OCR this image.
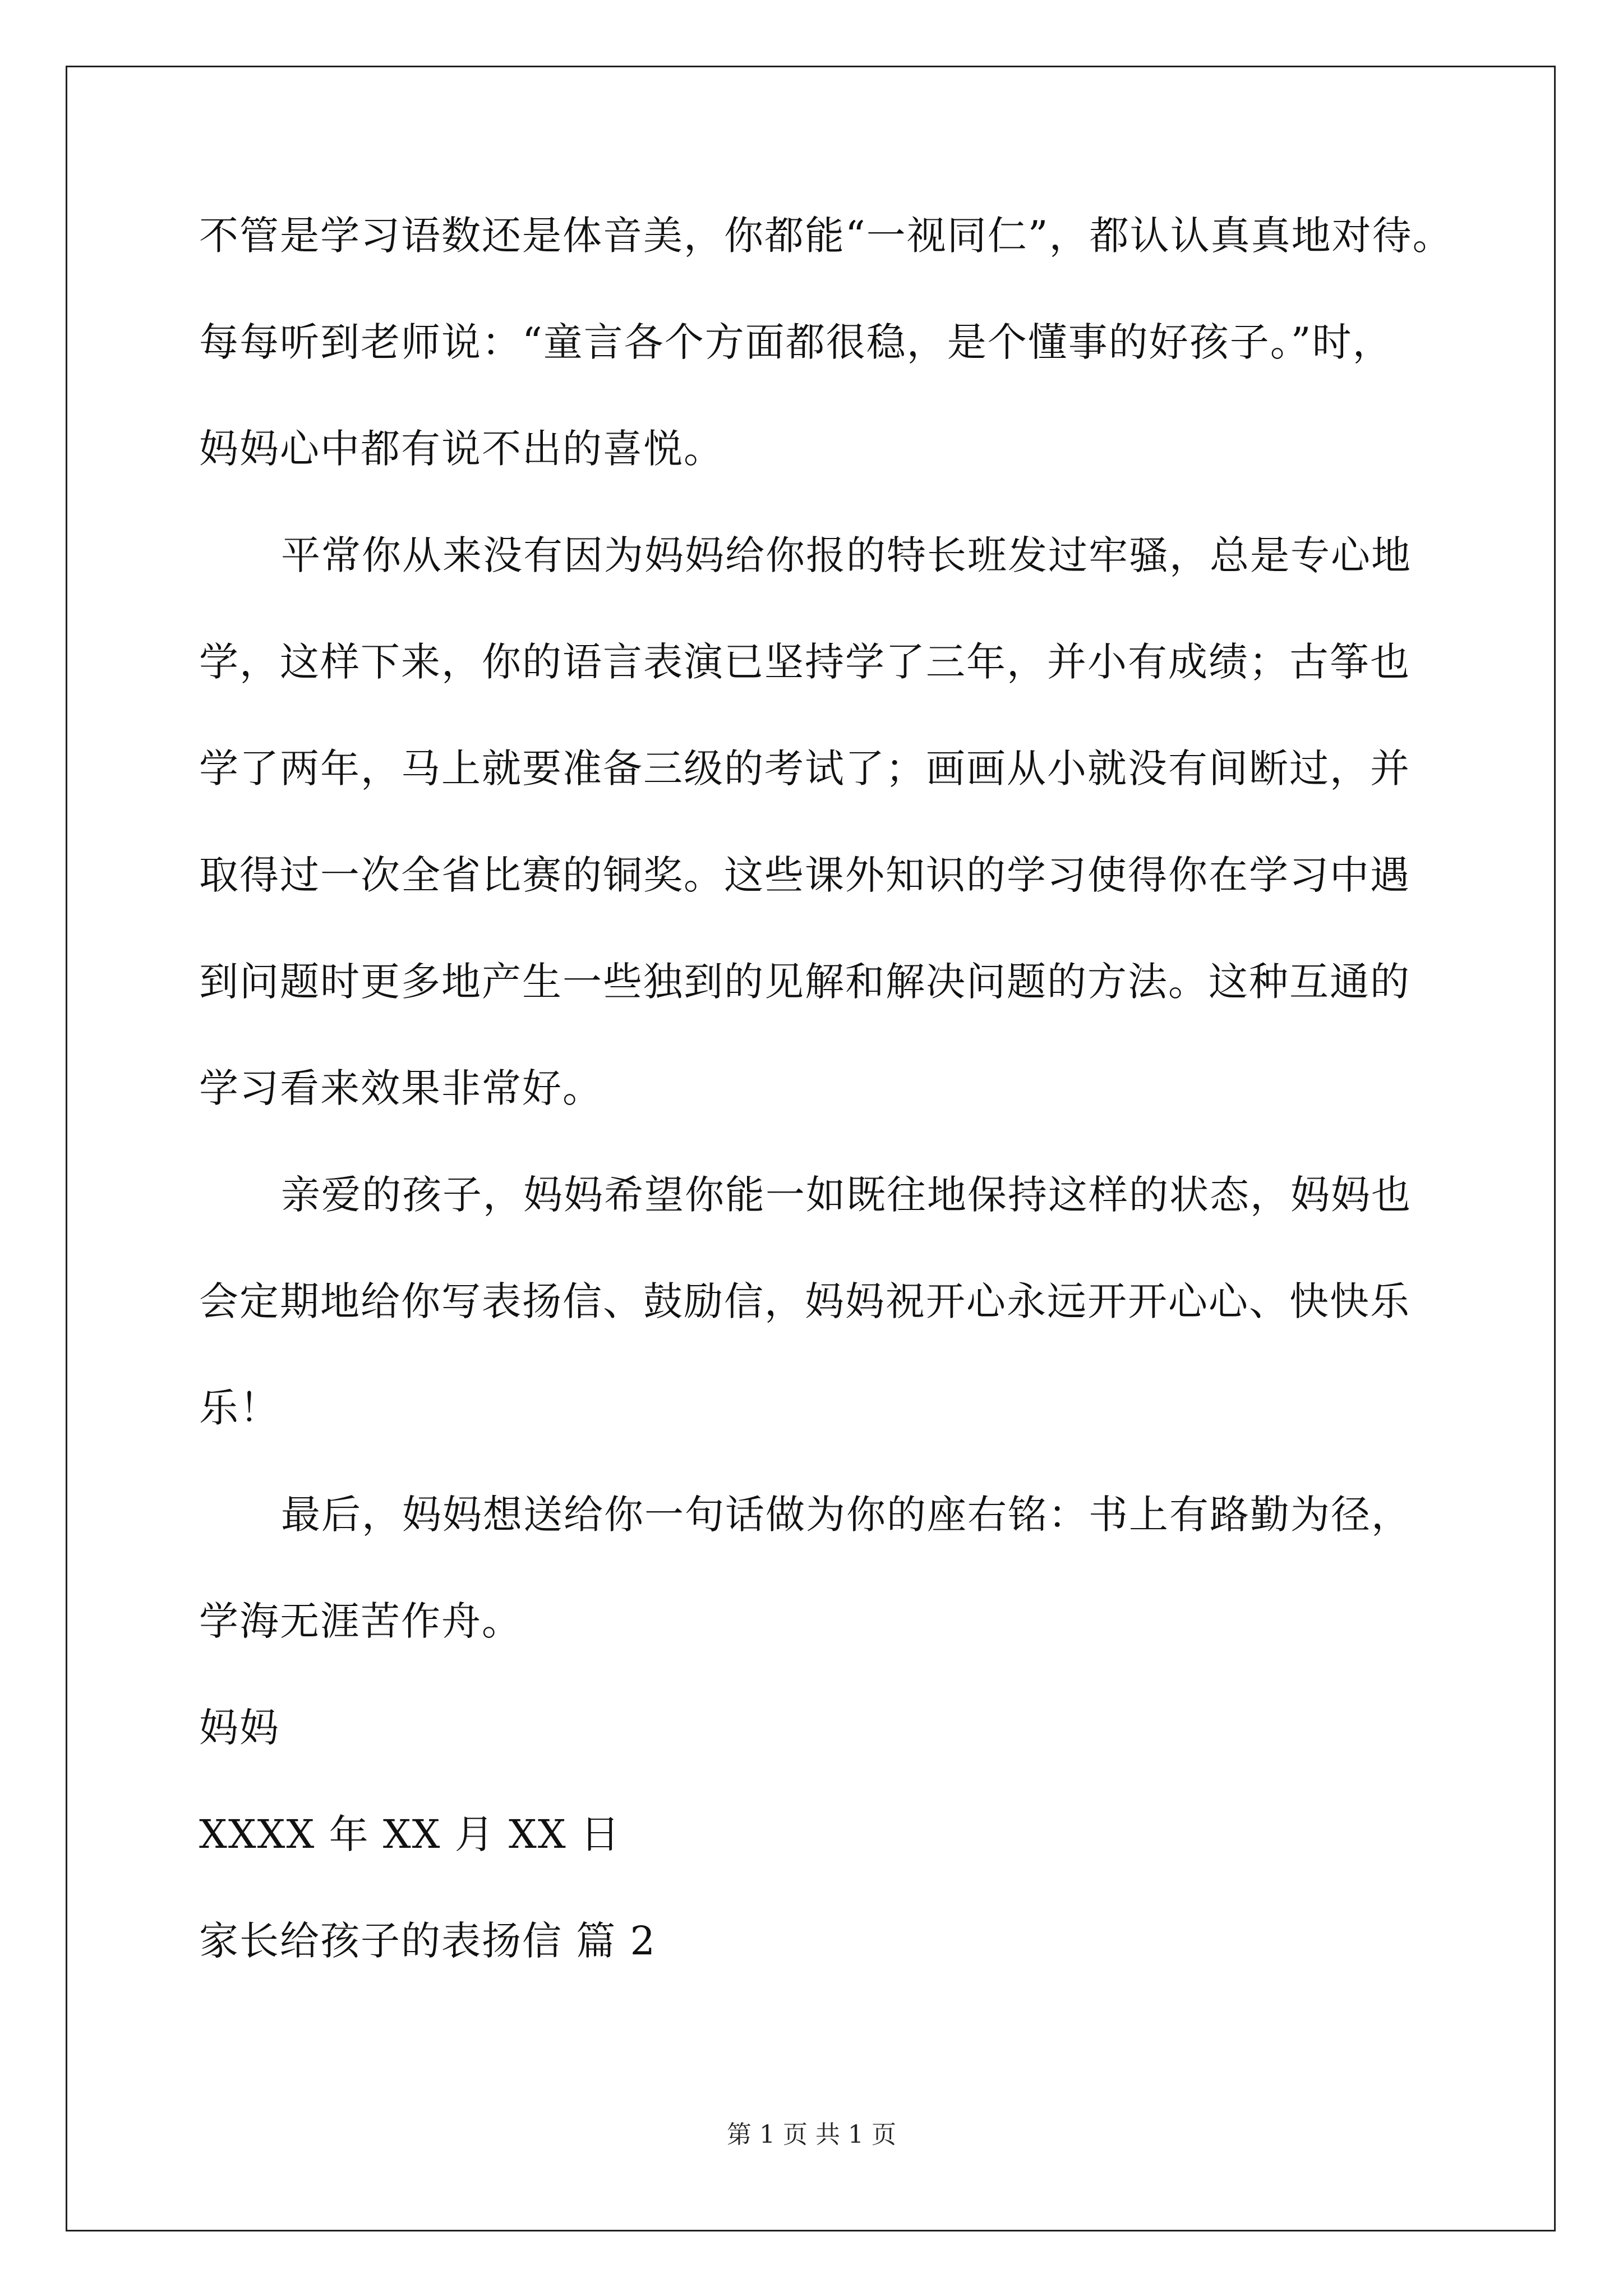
不管是学习语数还是体音美，你都能“一视同仁”，都认认真真地对待。
每每听到老师说：“童言各个方面都很稳，是个懂事的好孩子。”时，
妈妈心中都有说不出的喜悦。
平常你从来没有因为妈妈给你报的特长班发过牢骚，总是专心地
学，这样下来，你的语言表演已坚持学了三年，并小有成绩；古筝也
学了两年，马上就要准备三级的考试了；画画从小就没有间断过，并
取得过一次全省比赛的铜奖。这些课外知识的学习使得你在学习中遇
到问题时更多地产生一些独到的见解和解决问题的方法。这种互通的
学习看来效果非常好。
亲爱的孩子，妈妈希望你能一如既往地保持这样的状态，妈妈也
会定期地给你写表扬信、鼓励信，妈妈祝开心永远开开心心、快快乐
乐！
最后，妈妈想送给你一句话做为你的座右铭：书上有路勤为径，
学海无涯苦作舟。
妈妈
XXXX 年 XX 月 XX 日
家长给孩子的表扬信 篇 2
第 1 页 共 1 页
